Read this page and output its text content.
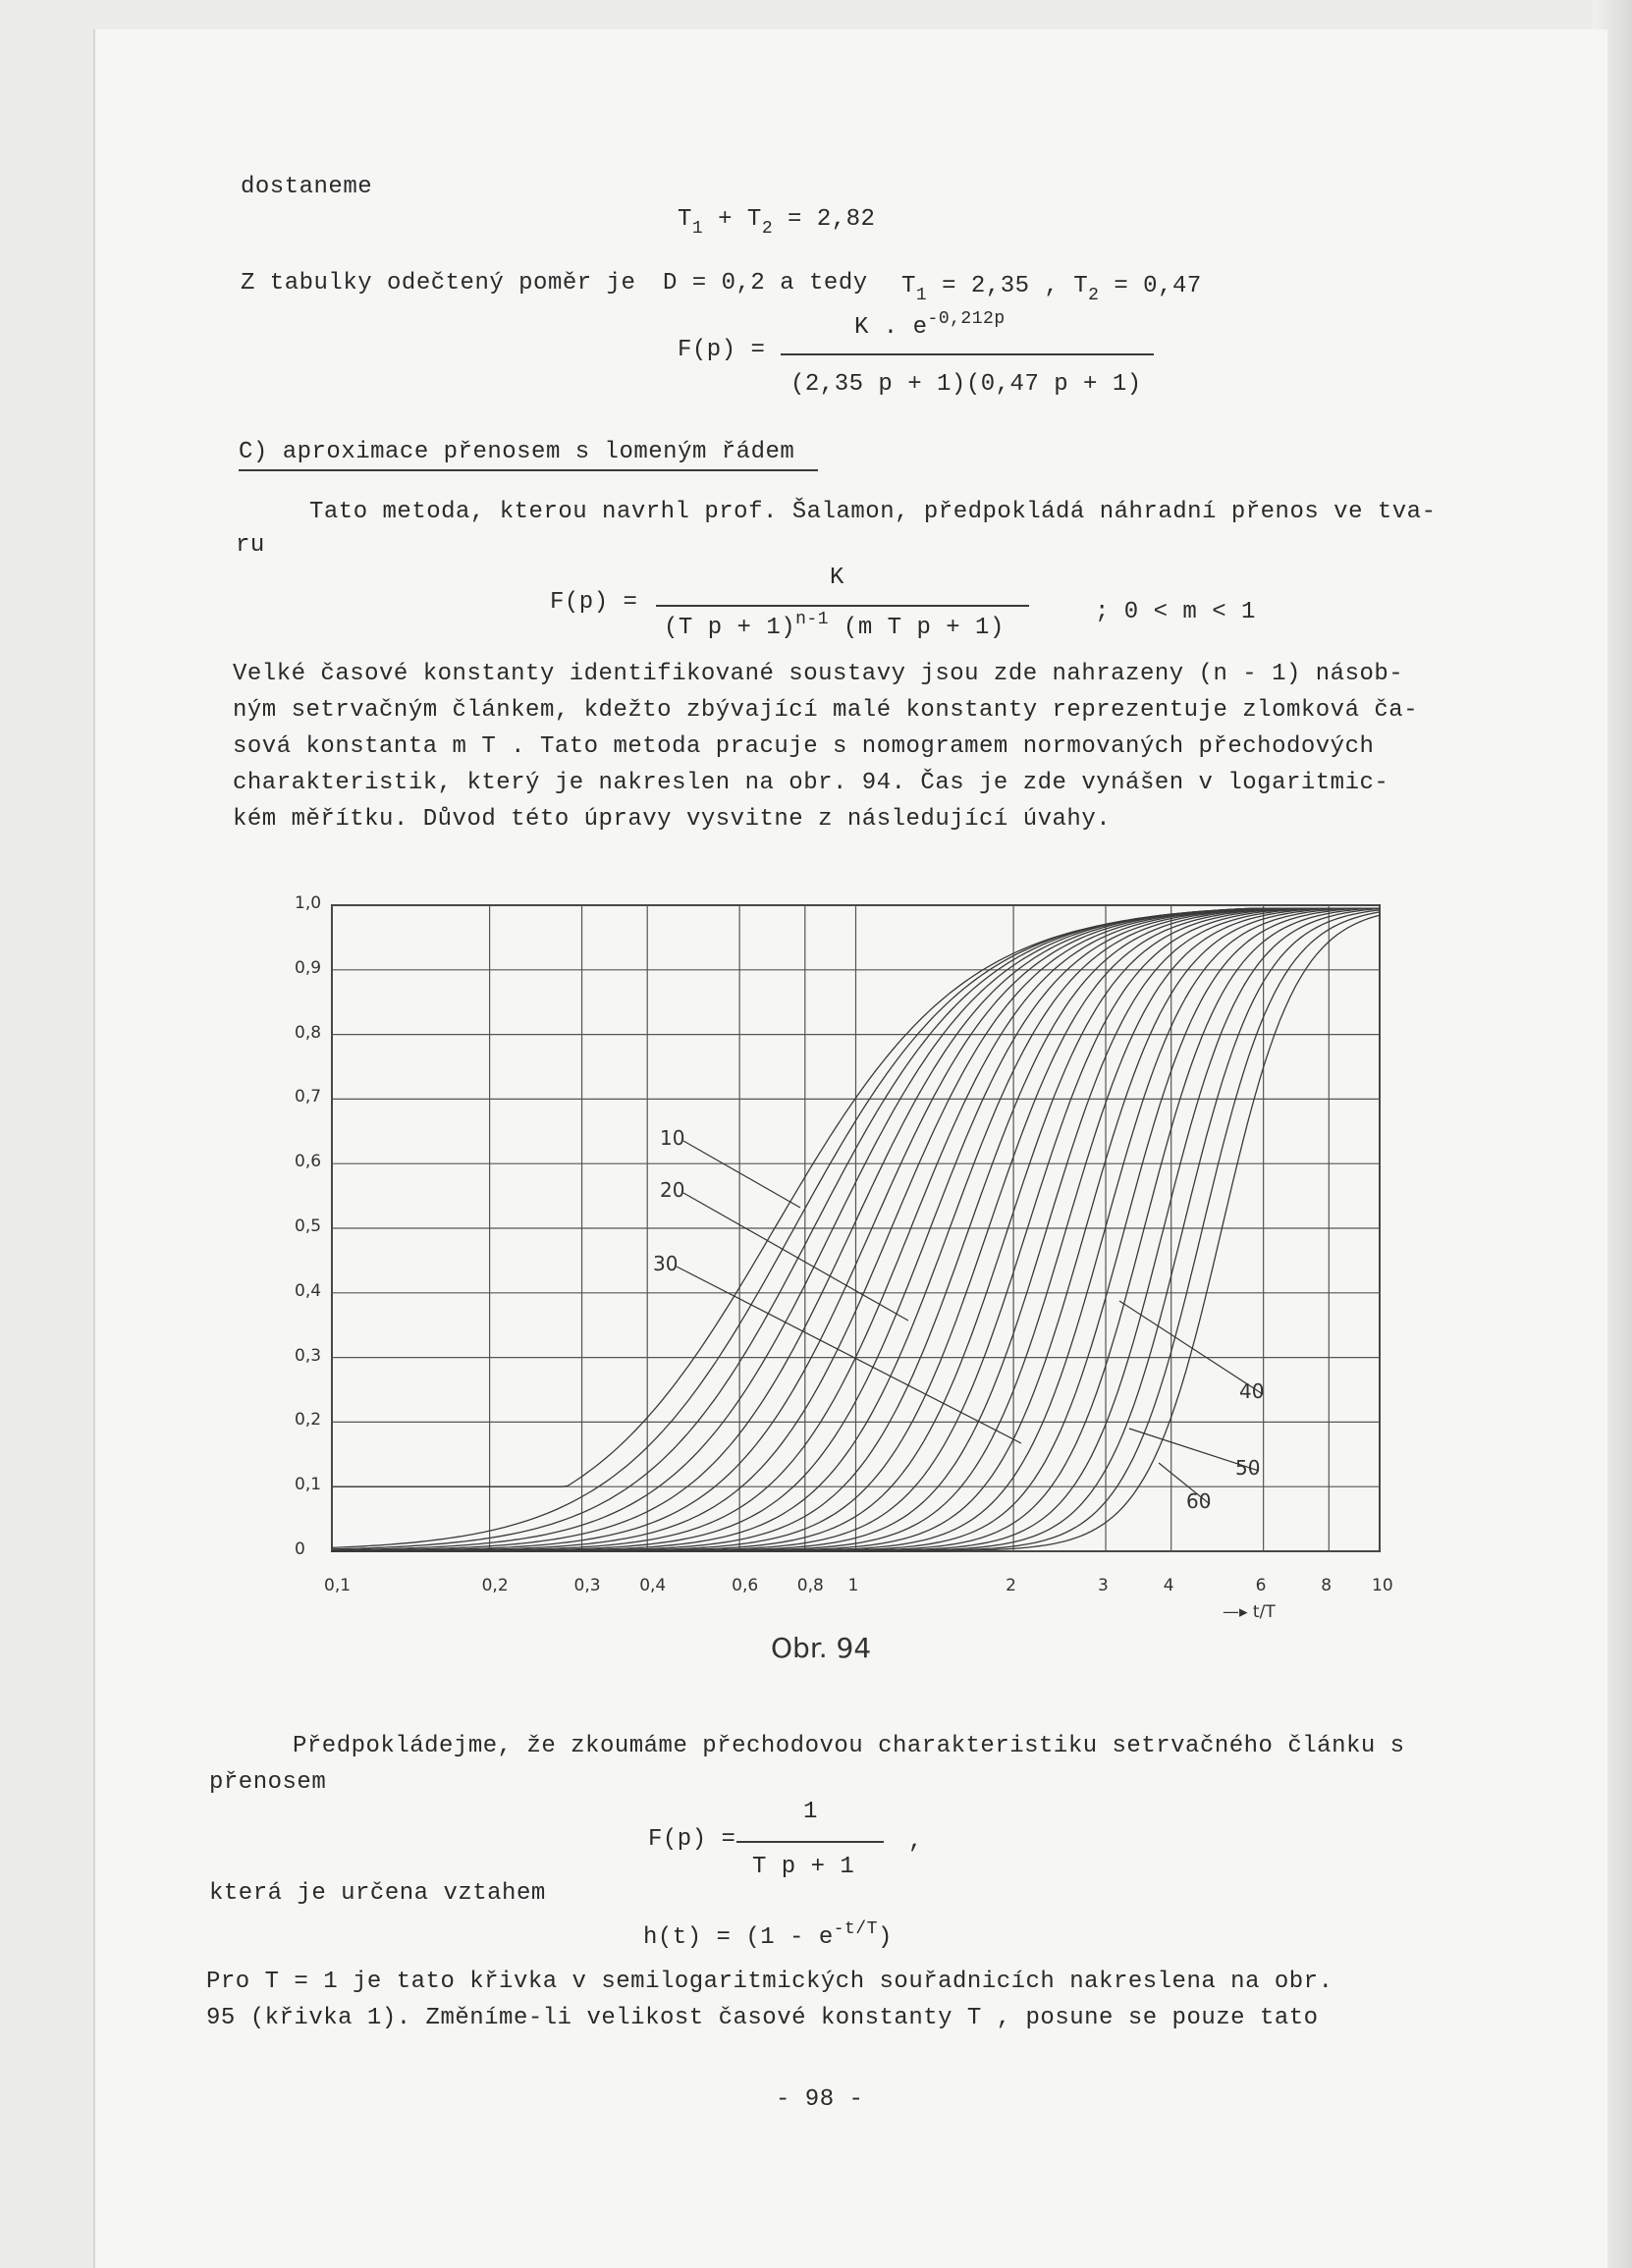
dostaneme
$T_1 + T_2 = 2,82$
Z tabulky odečtený poměr je D = 0,2 a tedy $T_1 = 2,35$ , $T_2 = 0,47$
F(p) =
K . $e^{-0,212p}$
(2,35 p + 1)(0,47 p + 1)
C) aproximace přenosem s lomeným řádem
Tato metoda, kterou navrhl prof. Šalamon, předpokládá náhradní přenos ve tva-
ru
F(p) =
K
(T p + 1)$^{n-1}$ (m T p + 1)
; 0 < m < 1
Velké časové konstanty identifikované soustavy jsou zde nahrazeny (n - 1) násob-
ným setrvačným článkem, kdežto zbývající malé konstanty reprezentuje zlomková ča-
sová konstanta m T . Tato metoda pracuje s nomogramem normovaných přechodových
charakteristik, který je nakreslen na obr. 94. Čas je zde vynášen v logaritmic-
kém měřítku. Důvod této úpravy vysvitne z následující úvahy.
10
20
30
40
50
60
0,1	0,2	0,3 0,4	0,6 0,8 1	2	3	4	6	8 10
0
0,1
0,2
0,3
0,4
0,5
0,6
0,7
0,8
0,9
1,0
—▸ t/T
Obr. 94
Předpokládejme, že zkoumáme přechodovou charakteristiku setrvačného článku s
přenosem
F(p) =
1
T p + 1
,
která je určena vztahem
$h(t) = (1 - e^{-t/T})$
Pro T = 1 je tato křivka v semilogaritmických souřadnicích nakreslena na obr.
95 (křivka 1). Změníme-li velikost časové konstanty T , posune se pouze tato
- 98 -
